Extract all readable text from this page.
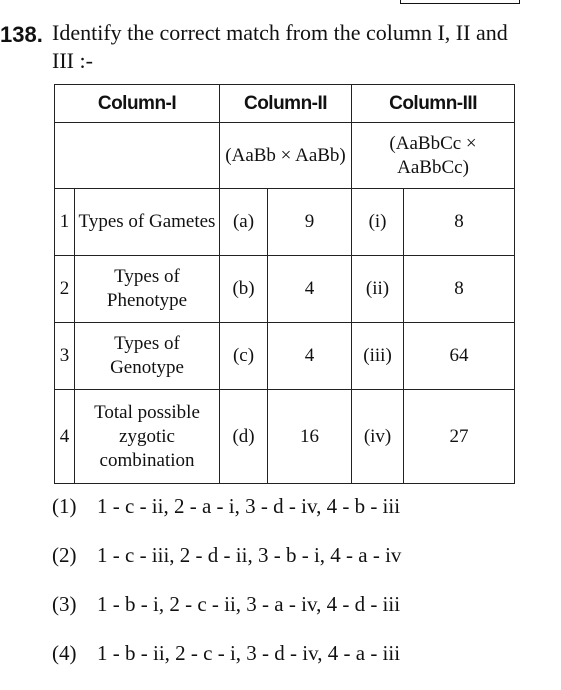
138. Identify the correct match from the column I, II and III :-
Column-I		Column-II		Column-III	
		(AaBb × AaBb)		(AaBbCc × AaBbCc)	
1	Types of Gametes	(a)	9	(i)	8
2	Types of Phenotype	(b)	4	(ii)	8
3	Types of Genotype	(c)	4	(iii)	64
4	Total possible zygotic combination	(d)	16	(iv)	27
(1) 1 - c - ii, 2 - a - i, 3 - d - iv, 4 - b - iii
(2) 1 - c - iii, 2 - d - ii, 3 - b - i, 4 - a - iv
(3) 1 - b - i, 2 - c - ii, 3 - a - iv, 4 - d - iii
(4) 1 - b - ii, 2 - c - i, 3 - d - iv, 4 - a - iii
